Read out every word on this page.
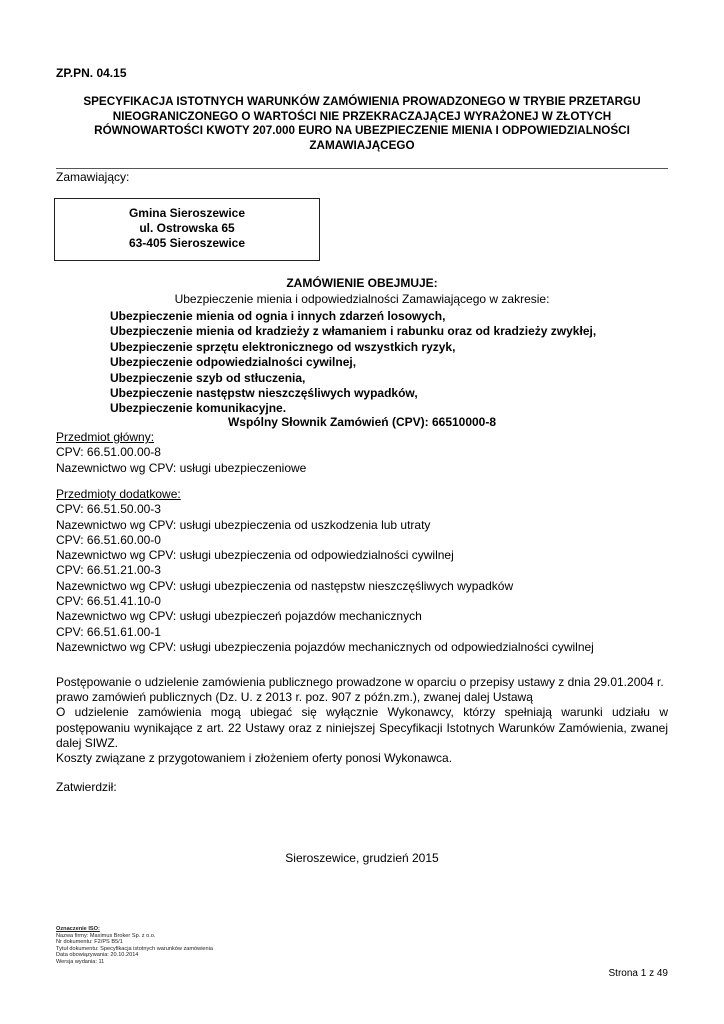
ZP.PN. 04.15
SPECYFIKACJA ISTOTNYCH WARUNKÓW ZAMÓWIENIA PROWADZONEGO W TRYBIE PRZETARGU
NIEOGRANICZONEGO O WARTOŚCI NIE PRZEKRACZAJĄCEJ WYRAŻONEJ W ZŁOTYCH
RÓWNOWARTOŚCI KWOTY 207.000 EURO NA UBEZPIECZENIE MIENIA I ODPOWIEDZIALNOŚCI
ZAMAWIAJĄCEGO
Zamawiający:
Gmina Sieroszewice
ul. Ostrowska 65
63-405 Sieroszewice
ZAMÓWIENIE OBEJMUJE:
Ubezpieczenie mienia i odpowiedzialności Zamawiającego w zakresie:
Ubezpieczenie mienia od ognia i innych zdarzeń losowych,
Ubezpieczenie mienia od kradzieży z włamaniem i rabunku oraz od kradzieży zwykłej,
Ubezpieczenie sprzętu elektronicznego od wszystkich ryzyk,
Ubezpieczenie odpowiedzialności cywilnej,
Ubezpieczenie szyb od stłuczenia,
Ubezpieczenie następstw nieszczęśliwych wypadków,
Ubezpieczenie komunikacyjne.
Wspólny Słownik Zamówień (CPV): 66510000-8
Przedmiot główny:
CPV: 66.51.00.00-8
Nazewnictwo wg CPV: usługi ubezpieczeniowe
Przedmioty dodatkowe:
CPV: 66.51.50.00-3
Nazewnictwo wg CPV: usługi ubezpieczenia od uszkodzenia lub utraty
CPV: 66.51.60.00-0
Nazewnictwo wg CPV: usługi ubezpieczenia od odpowiedzialności cywilnej
CPV: 66.51.21.00-3
Nazewnictwo wg CPV: usługi ubezpieczenia od następstw nieszczęśliwych wypadków
CPV: 66.51.41.10-0
Nazewnictwo wg CPV: usługi ubezpieczeń pojazdów mechanicznych
CPV: 66.51.61.00-1
Nazewnictwo wg CPV: usługi ubezpieczenia pojazdów mechanicznych od odpowiedzialności cywilnej

Postępowanie o udzielenie zamówienia publicznego prowadzone w oparciu o przepisy ustawy z dnia 29.01.2004 r. prawo zamówień publicznych (Dz. U. z 2013 r. poz. 907 z późn.zm.), zwanej dalej Ustawą

O udzielenie zamówienia mogą ubiegać się wyłącznie Wykonawcy, którzy spełniają warunki udziału w postępowaniu wynikające z art. 22 Ustawy oraz z niniejszej Specyfikacji Istotnych Warunków Zamówienia, zwanej dalej SIWZ.

Koszty związane z przygotowaniem i złożeniem oferty ponosi Wykonawca.

Zatwierdził:
Sieroszewice, grudzień 2015
Oznaczenie ISO:
Nazwa firmy: Maximus Broker Sp. z o.o.
Nr dokumentu: F2/PS B5/1
Tytuł dokumentu: Specyfikacja istotnych warunków zamówienia
Data obowiązywania: 20.10.2014
Wersja wydania: 11
Strona 1 z 49
